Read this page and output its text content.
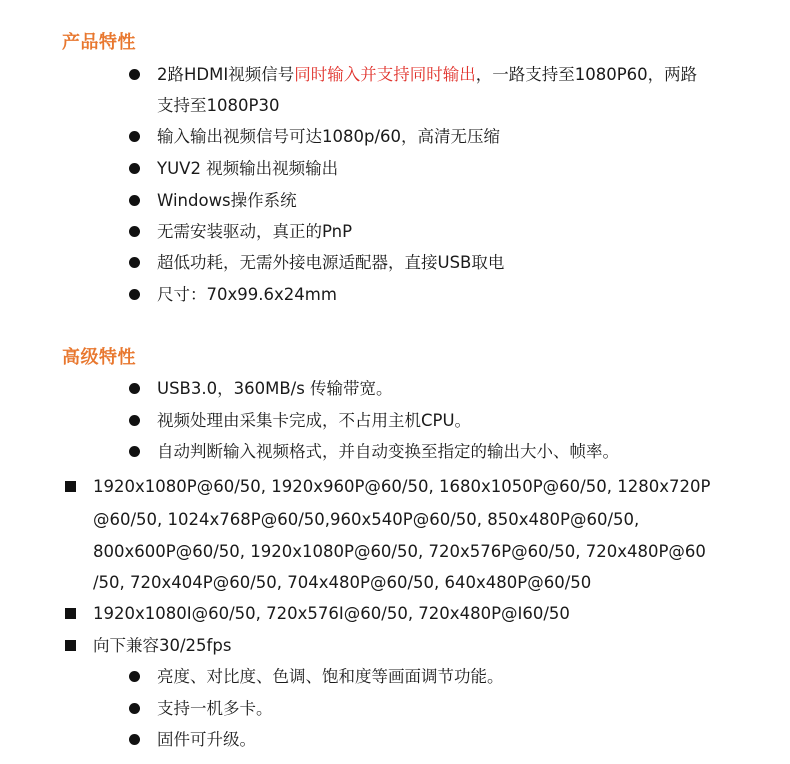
产品特性
2路HDMI视频信号同时输入并支持同时输出，一路支持至1080P60，两路
支持至1080P30
输入输出视频信号可达1080p/60，高清无压缩
YUV2 视频输出视频输出
Windows操作系统
无需安装驱动，真正的PnP
超低功耗，无需外接电源适配器，直接USB取电
尺寸：70x99.6x24mm
高级特性
USB3.0，360MB/s 传输带宽。
视频处理由采集卡完成，不占用主机CPU。
自动判断输入视频格式，并自动变换至指定的输出大小、帧率。
1920x1080P@60/50, 1920x960P@60/50, 1680x1050P@60/50, 1280x720P
@60/50, 1024x768P@60/50,960x540P@60/50, 850x480P@60/50,
800x600P@60/50, 1920x1080P@60/50, 720x576P@60/50, 720x480P@60
/50, 720x404P@60/50, 704x480P@60/50, 640x480P@60/50
1920x1080I@60/50, 720x576I@60/50, 720x480P@I60/50
向下兼容30/25fps
亮度、对比度、色调、饱和度等画面调节功能。
支持一机多卡。
固件可升级。
